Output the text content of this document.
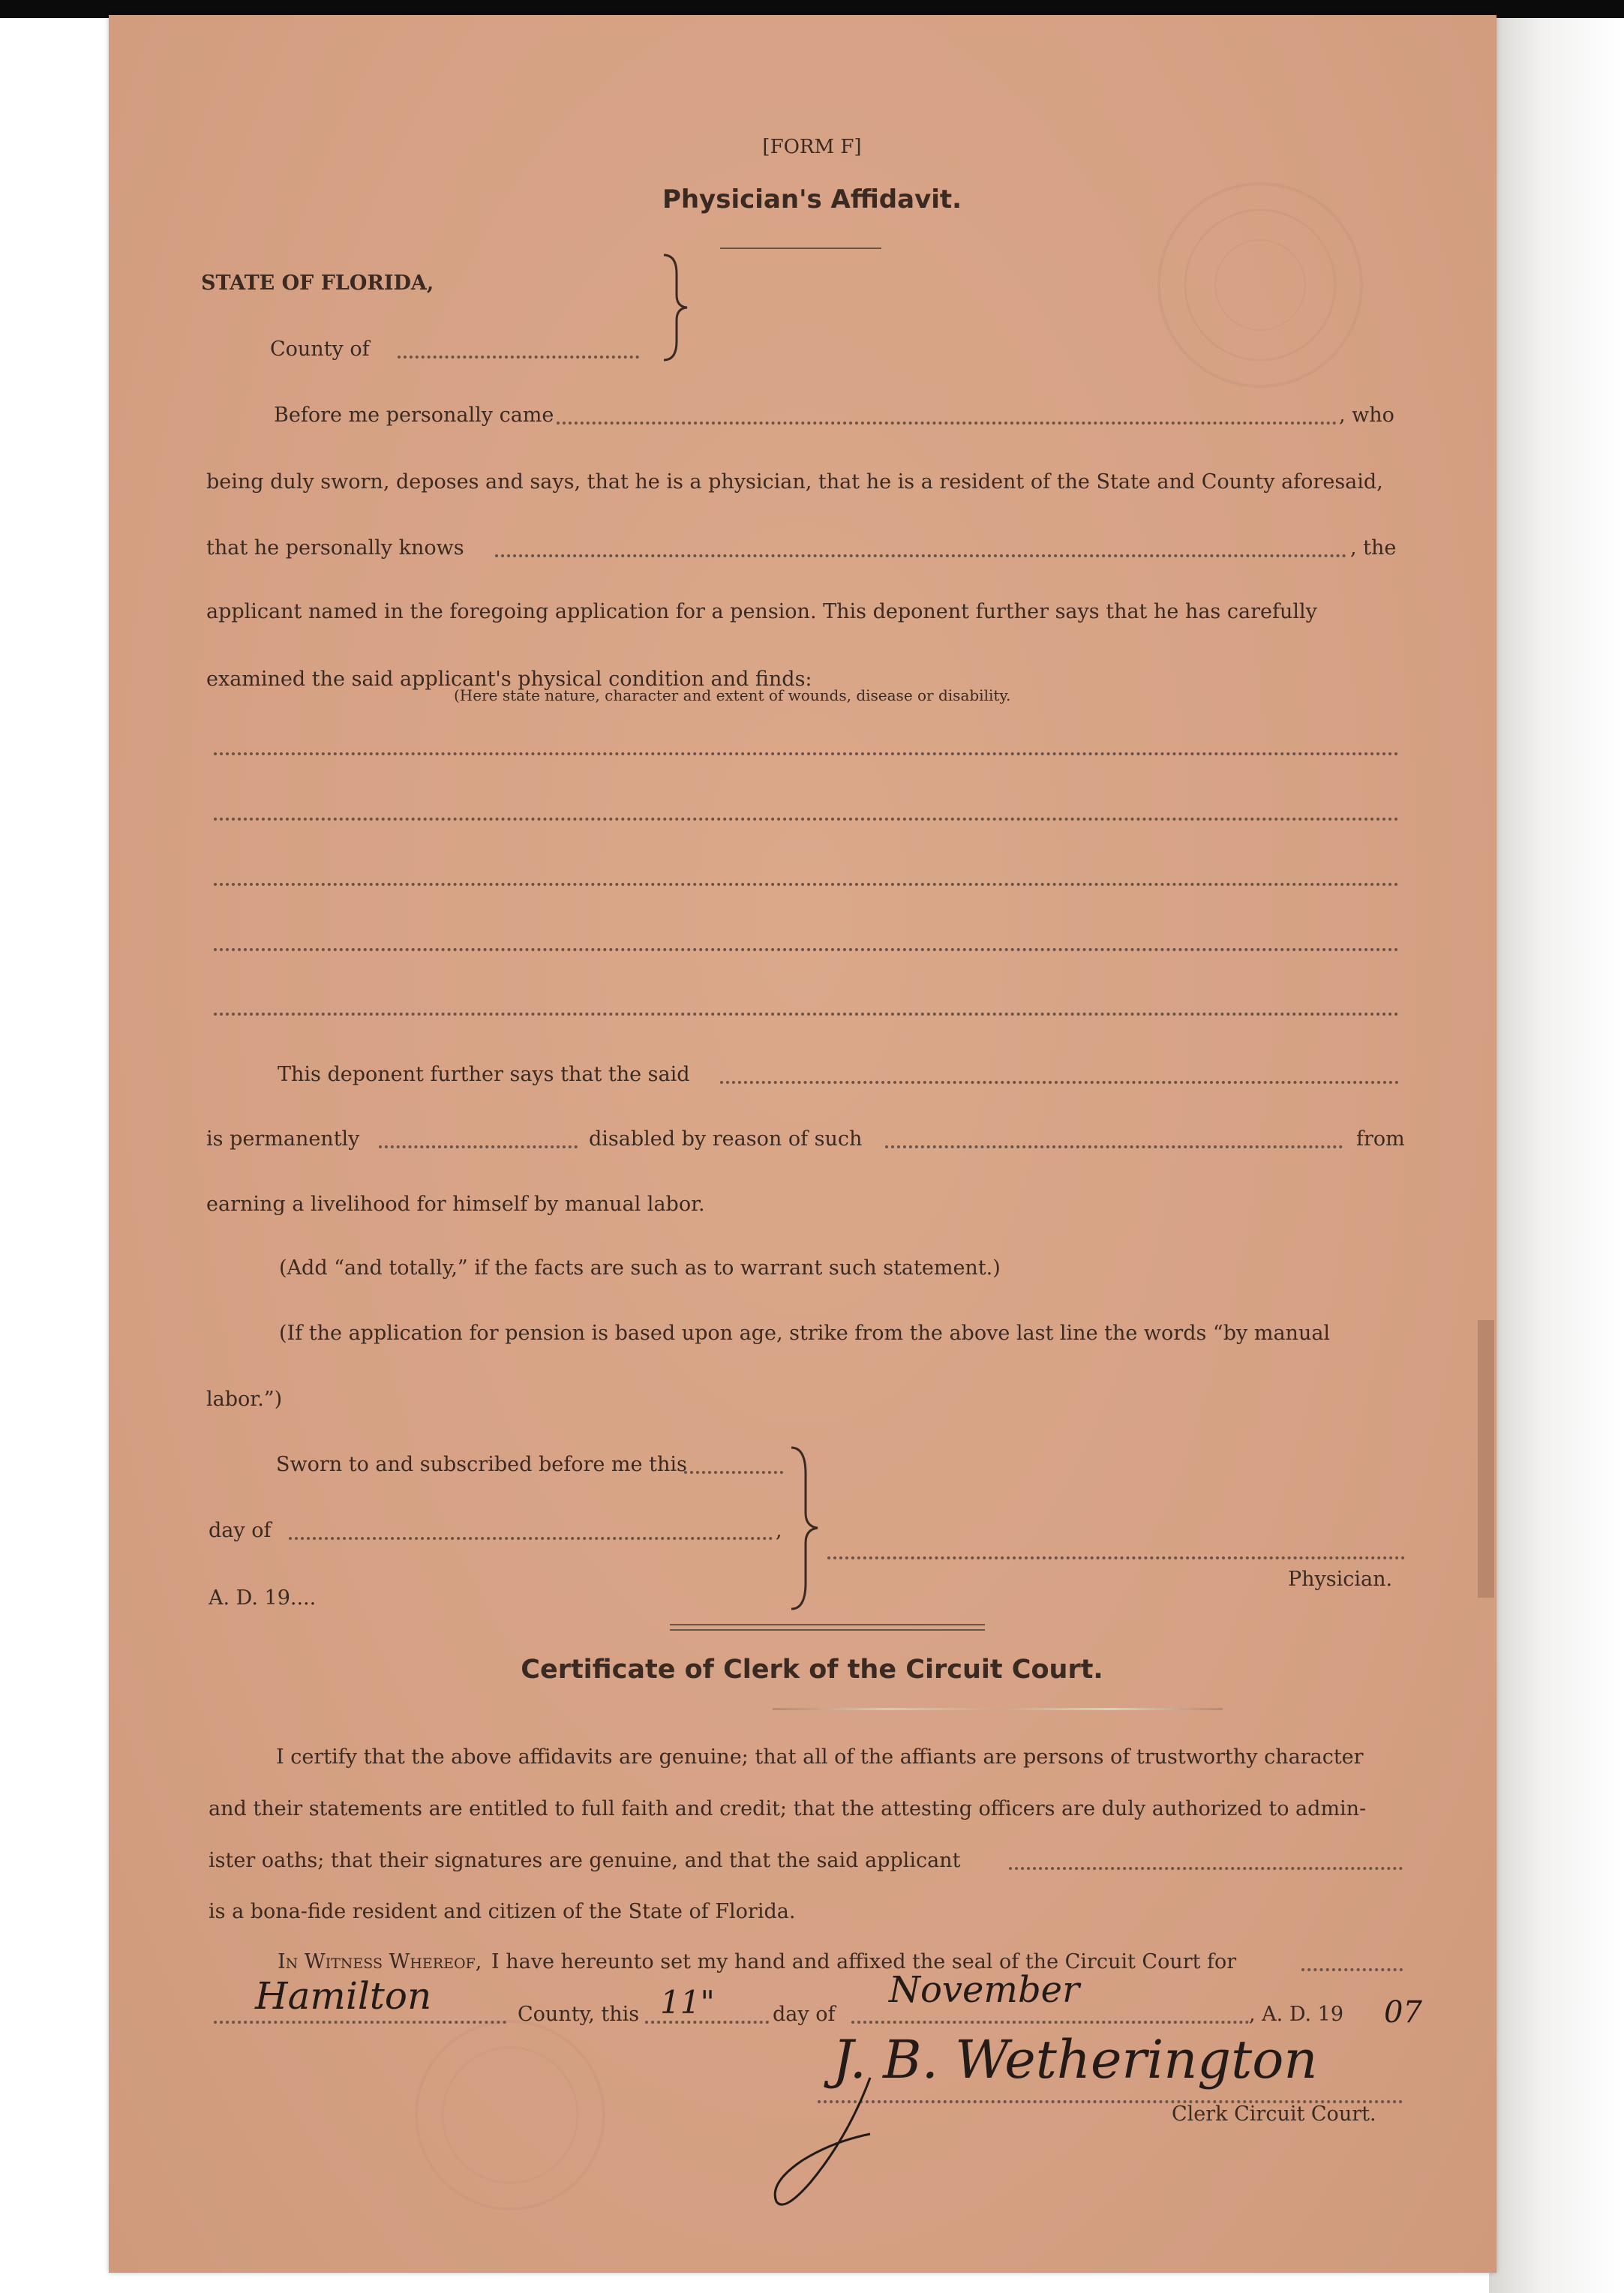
[FORM F]
Physician's Affidavit.
STATE OF FLORIDA,
County of
Before me personally came	, who
being duly sworn, deposes and says, that he is a physician, that he is a resident of the State and County aforesaid,
that he personally knows	, the
applicant named in the foregoing application for a pension. This deponent further says that he has carefully
examined the said applicant's physical condition and finds:
(Here state nature, character and extent of wounds, disease or disability.
This deponent further says that the said
is permanently	disabled by reason of such	from
earning a livelihood for himself by manual labor.
(Add “and totally,” if the facts are such as to warrant such statement.)
(If the application for pension is based upon age, strike from the above last line the words “by manual
labor.”)
Sworn to and subscribed before me this
day of	,
A. D. 19....
Physician.
Certificate of Clerk of the Circuit Court.
I certify that the above affidavits are genuine; that all of the affiants are persons of trustworthy character
and their statements are entitled to full faith and credit; that the attesting officers are duly authorized to admin-
ister oaths; that their signatures are genuine, and that the said applicant
is a bona-fide resident and citizen of the State of Florida.
In Witness Whereof, I have hereunto set my hand and affixed the seal of the Circuit Court for
Hamilton	County, this 11"	day of
November
, A. D. 19 07
J. B. Wetherington
Clerk Circuit Court.
